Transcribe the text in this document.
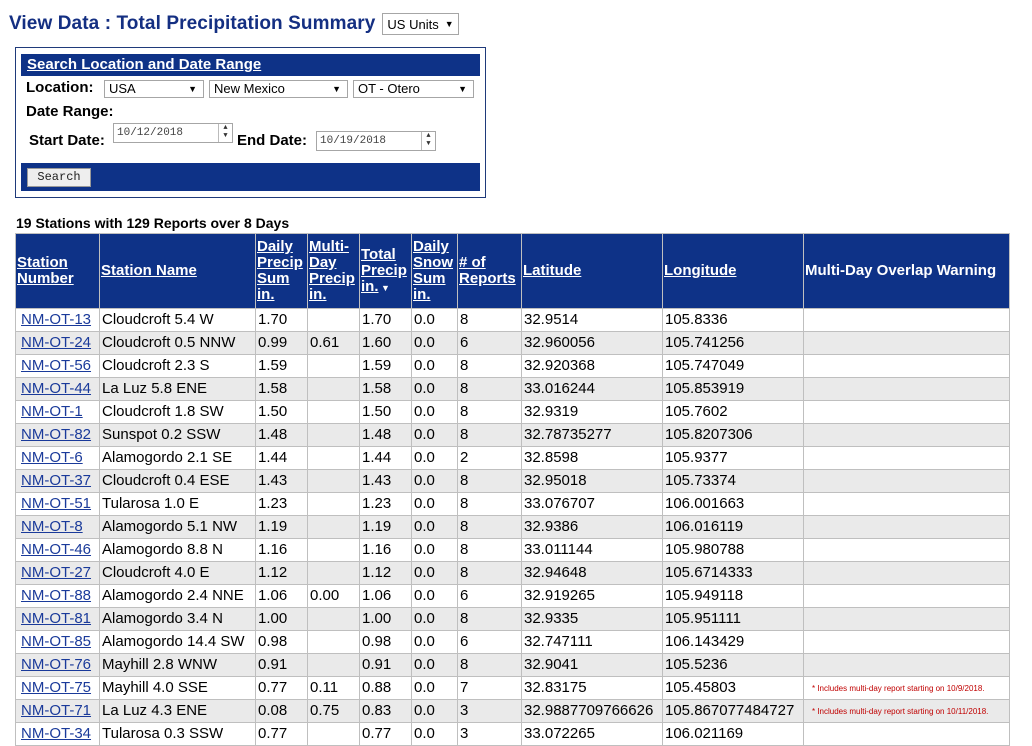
View Data : Total Precipitation Summary US Units ▼
Search Location and Date Range
Location:	USA	▼	New Mexico	▼	OT - Otero	▼
Date Range:
Start Date:	10/12/2018	▲
▼ End Date:	10/19/2018	▲
▼
Search
19 Stations with 129 Reports over 8 Days
Station Number	Station Name	Daily Precip Sum in.	Multi-Day Precip in.	Total Precip in. ▼	Daily Snow Sum in.	# of Reports	Latitude	Longitude	Multi-Day Overlap Warning
NM-OT-13	Cloudcroft 5.4 W	1.70		1.70	0.0	8	32.9514	105.8336	
NM-OT-24	Cloudcroft 0.5 NNW	0.99	0.61	1.60	0.0	6	32.960056	105.741256	
NM-OT-56	Cloudcroft 2.3 S	1.59		1.59	0.0	8	32.920368	105.747049	
NM-OT-44	La Luz 5.8 ENE	1.58		1.58	0.0	8	33.016244	105.853919	
NM-OT-1	Cloudcroft 1.8 SW	1.50		1.50	0.0	8	32.9319	105.7602	
NM-OT-82	Sunspot 0.2 SSW	1.48		1.48	0.0	8	32.78735277	105.8207306	
NM-OT-6	Alamogordo 2.1 SE	1.44		1.44	0.0	2	32.8598	105.9377	
NM-OT-37	Cloudcroft 0.4 ESE	1.43		1.43	0.0	8	32.95018	105.73374	
NM-OT-51	Tularosa 1.0 E	1.23		1.23	0.0	8	33.076707	106.001663	
NM-OT-8	Alamogordo 5.1 NW	1.19		1.19	0.0	8	32.9386	106.016119	
NM-OT-46	Alamogordo 8.8 N	1.16		1.16	0.0	8	33.011144	105.980788	
NM-OT-27	Cloudcroft 4.0 E	1.12		1.12	0.0	8	32.94648	105.6714333	
NM-OT-88	Alamogordo 2.4 NNE	1.06	0.00	1.06	0.0	6	32.919265	105.949118	
NM-OT-81	Alamogordo 3.4 N	1.00		1.00	0.0	8	32.9335	105.951111	
NM-OT-85	Alamogordo 14.4 SW	0.98		0.98	0.0	6	32.747111	106.143429	
NM-OT-76	Mayhill 2.8 WNW	0.91		0.91	0.0	8	32.9041	105.5236	
NM-OT-75	Mayhill 4.0 SSE	0.77	0.11	0.88	0.0	7	32.83175	105.45803	* Includes multi-day report starting on 10/9/2018.
NM-OT-71	La Luz 4.3 ENE	0.08	0.75	0.83	0.0	3	32.9887709766626	105.867077484727	* Includes multi-day report starting on 10/11/2018.
NM-OT-34	Tularosa 0.3 SSW	0.77		0.77	0.0	3	33.072265	106.021169	
